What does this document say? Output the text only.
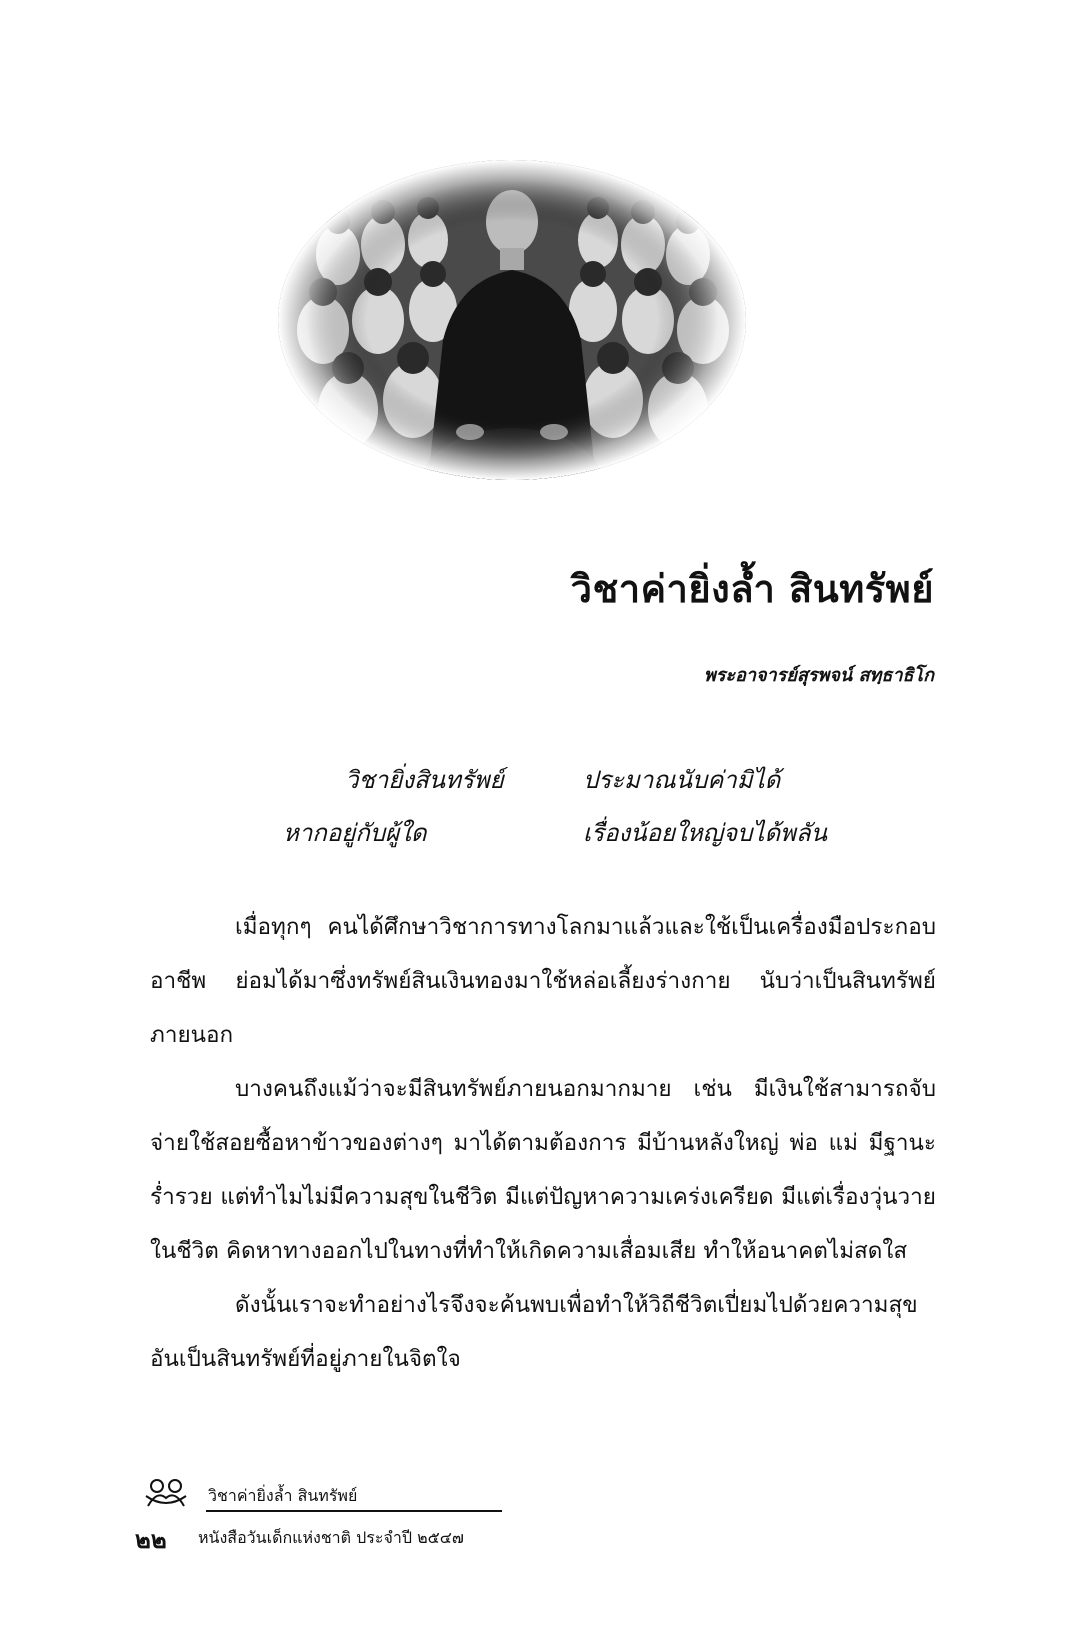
วิชาค่ายิ่งล้ำ สินทรัพย์
พระอาจารย์สุรพจน์ สทฺธาธิโก
วิชายิ่งสินทรัพย์	ประมาณนับค่ามิได้
หากอยู่กับผู้ใด	เรื่องน้อยใหญ่จบได้พลัน

เมื่อทุกๆ คนได้ศึกษาวิชาการทางโลกมาแล้วและใช้เป็นเครื่องมือประกอบอาชีพ ย่อมได้มาซึ่งทรัพย์สินเงินทองมาใช้หล่อเลี้ยงร่างกาย นับว่าเป็นสินทรัพย์ภายนอก

บางคนถึงแม้ว่าจะมีสินทรัพย์ภายนอกมากมาย เช่น มีเงินใช้สามารถจับจ่ายใช้สอยซื้อหาข้าวของต่างๆ มาได้ตามต้องการ มีบ้านหลังใหญ่ พ่อ แม่ มีฐานะร่ำรวย แต่ทำไมไม่มีความสุขในชีวิต มีแต่ปัญหาความเคร่งเครียด มีแต่เรื่องวุ่นวายในชีวิต คิดหาทางออกไปในทางที่ทำให้เกิดความเสื่อมเสีย ทำให้อนาคตไม่สดใส

ดังนั้นเราจะทำอย่างไรจึงจะค้นพบเพื่อทำให้วิถีชีวิตเปี่ยมไปด้วยความสุขอันเป็นสินทรัพย์ที่อยู่ภายในจิตใจ

วิชาค่ายิ่งล้ำ สินทรัพย์
๒๒ หนังสือวันเด็กแห่งชาติ ประจำปี ๒๕๔๗
